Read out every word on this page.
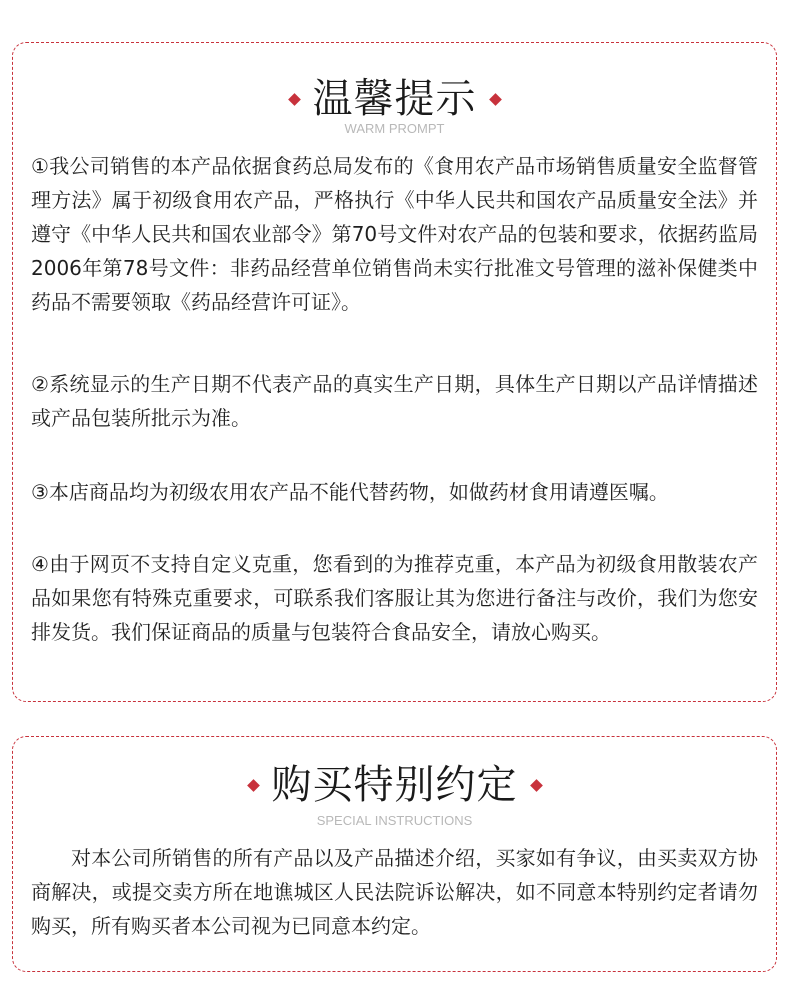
温馨提示
WARM PROMPT

①我公司销售的本产品依据食药总局发布的《食用农产品市场销售质量安全监督管理方法》属于初级食用农产品，严格执行《中华人民共和国农产品质量安全法》并遵守《中华人民共和国农业部令》第70号文件对农产品的包装和要求，依据药监局2006年第78号文件：非药品经营单位销售尚未实行批准文号管理的滋补保健类中药品不需要领取《药品经营许可证》。

②系统显示的生产日期不代表产品的真实生产日期，具体生产日期以产品详情描述或产品包装所批示为准。

③本店商品均为初级农用农产品不能代替药物，如做药材食用请遵医嘱。

④由于网页不支持自定义克重，您看到的为推荐克重，本产品为初级食用散装农产品如果您有特殊克重要求，可联系我们客服让其为您进行备注与改价，我们为您安排发货。我们保证商品的质量与包装符合食品安全，请放心购买。

购买特别约定
SPECIAL INSTRUCTIONS

对本公司所销售的所有产品以及产品描述介绍，买家如有争议，由买卖双方协商解决，或提交卖方所在地谯城区人民法院诉讼解决，如不同意本特别约定者请勿购买，所有购买者本公司视为已同意本约定。
